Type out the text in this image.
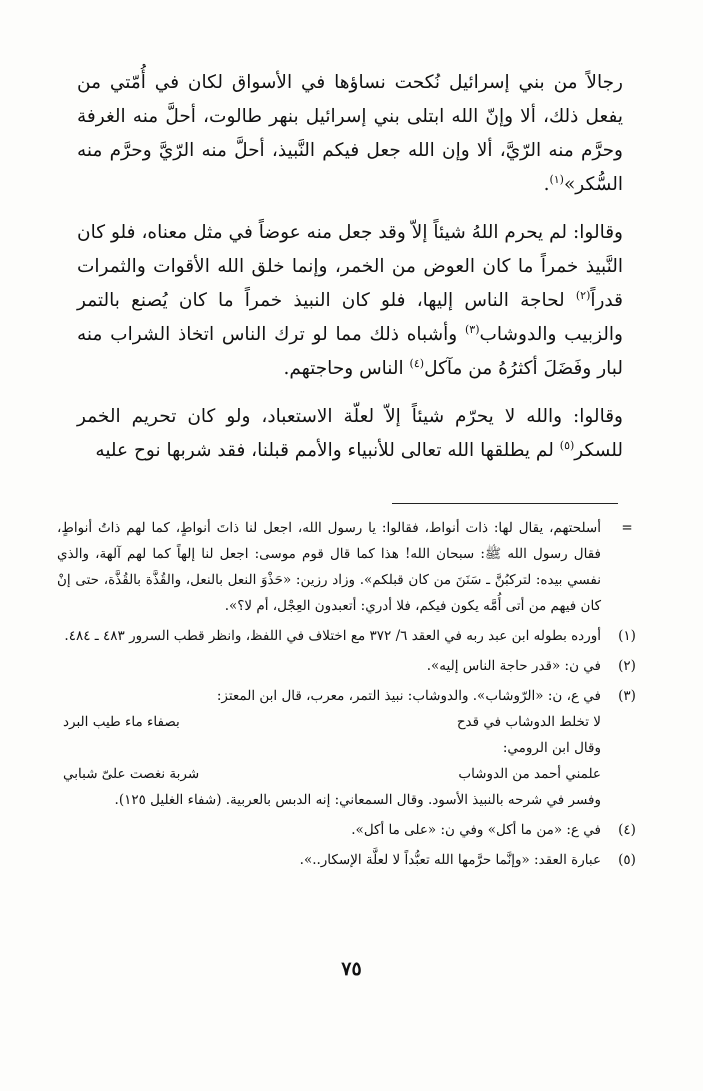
رجالاً من بني إسرائيل نُكحت نساؤها في الأسواق لكان في أُمّتي من يفعل ذلك، ألا وإنّ الله ابتلى بني إسرائيل بنهر طالوت، أحلَّ منه الغرفة وحرَّم منه الرّيَّ، ألا وإن الله جعل فيكم النَّبيذ، أحلَّ منه الرّيَّ وحرَّم منه السُّكر»$^{(١)}$.

وقالوا: لم يحرم اللهُ شيئاً إلاّ وقد جعل منه عوضاً في مثل معناه، فلو كان النَّبيذ خمراً ما كان العوض من الخمر، وإنما خلق الله الأقوات والثمرات قدراً$^{(٢)}$ لحاجة الناس إليها، فلو كان النبيذ خمراً ما كان يُصنع بالتمر والزبيب والدوشاب$^{(٣)}$ وأشباه ذلك مما لو ترك الناس اتخاذ الشراب منه لبار وفَضَلَ أكثرُهُ من مآكل$^{(٤)}$ الناس وحاجتهم.

وقالوا: والله لا يحرّم شيئاً إلاّ لعلّة الاستعباد، ولو كان تحريم الخمر للسكر$^{(٥)}$ لم يطلقها الله تعالى للأنبياء والأمم قبلنا، فقد شربها نوح عليه

=
أسلحتهم، يقال لها: ذات أنواط، فقالوا: يا رسول الله، اجعل لنا ذاتَ أنواطٍ، كما لهم ذاتُ أنواطٍ، فقال رسول الله ﷺ: سبحان الله! هذا كما قال قوم موسى: اجعل لنا إلهاً كما لهم آلهة، والذي نفسي بيده: لتركبُنَّ ـ سَنَنَ من كان قبلكم». وزاد رزين: «حَذْوَ النعل بالنعل، والقُذَّة بالقُذَّة، حتى إنْ كان فيهم من أتى أُمَّه يكون فيكم، فلا أدري: أتعبدون العِجْل، أم لا؟».
(١)
أورده بطوله ابن عبد ربه في العقد ٦/ ٣٧٢ مع اختلاف في اللفظ، وانظر قطب السرور ٤٨٣ ـ ٤٨٤.
(٢)
في ن: «قدر حاجة الناس إليه».
(٣)
في ع، ن: «الرّوشاب». والدوشاب: نبيذ التمر، معرب، قال ابن المعتز:
لا تخلط الدوشاب في قدح
بصفاء ماء طيب البرد
وقال ابن الرومي:
علمني أحمد من الدوشاب
شربة نغصت علىّ شبابي
وفسر في شرحه بالنبيذ الأسود. وقال السمعاني: إنه الدبس بالعربية. (شفاء الغليل ١٢٥).
(٤)
في ع: «من ما أكل» وفي ن: «على ما أكل».
(٥)
عبارة العقد: «وإنَّما حرَّمها الله تعبُّداً لا لعلَّة الإسكار..».
٧٥
